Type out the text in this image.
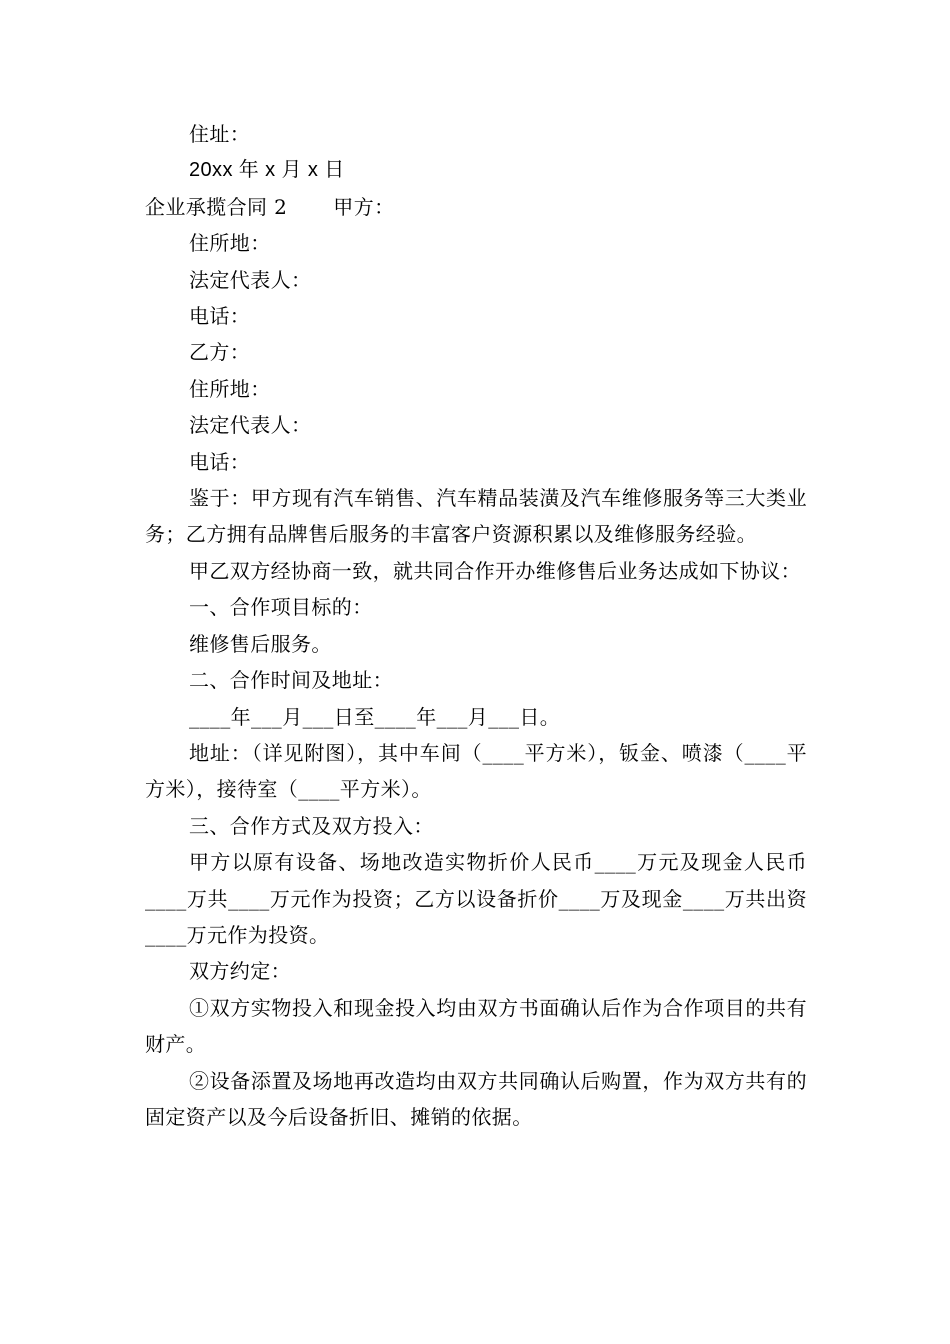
住址：

20xx 年 x 月 x 日

企业承揽合同 2 甲方：

住所地：

法定代表人：

电话：

乙方：

住所地：

法定代表人：

电话：

鉴于：甲方现有汽车销售、汽车精品装潢及汽车维修服务等三大类业务；乙方拥有品牌售后服务的丰富客户资源积累以及维修服务经验。

甲乙双方经协商一致，就共同合作开办维修售后业务达成如下协议：

一、合作项目标的：

维修售后服务。

二、合作时间及地址：

____年___月___日至____年___月___日。

地址：（详见附图），其中车间（____平方米），钣金、喷漆（____平方米），接待室（____平方米）。

三、合作方式及双方投入：

甲方以原有设备、场地改造实物折价人民币____万元及现金人民币____万共____万元作为投资；乙方以设备折价____万及现金____万共出资____万元作为投资。

双方约定：

①双方实物投入和现金投入均由双方书面确认后作为合作项目的共有财产。

②设备添置及场地再改造均由双方共同确认后购置，作为双方共有的固定资产以及今后设备折旧、摊销的依据。
